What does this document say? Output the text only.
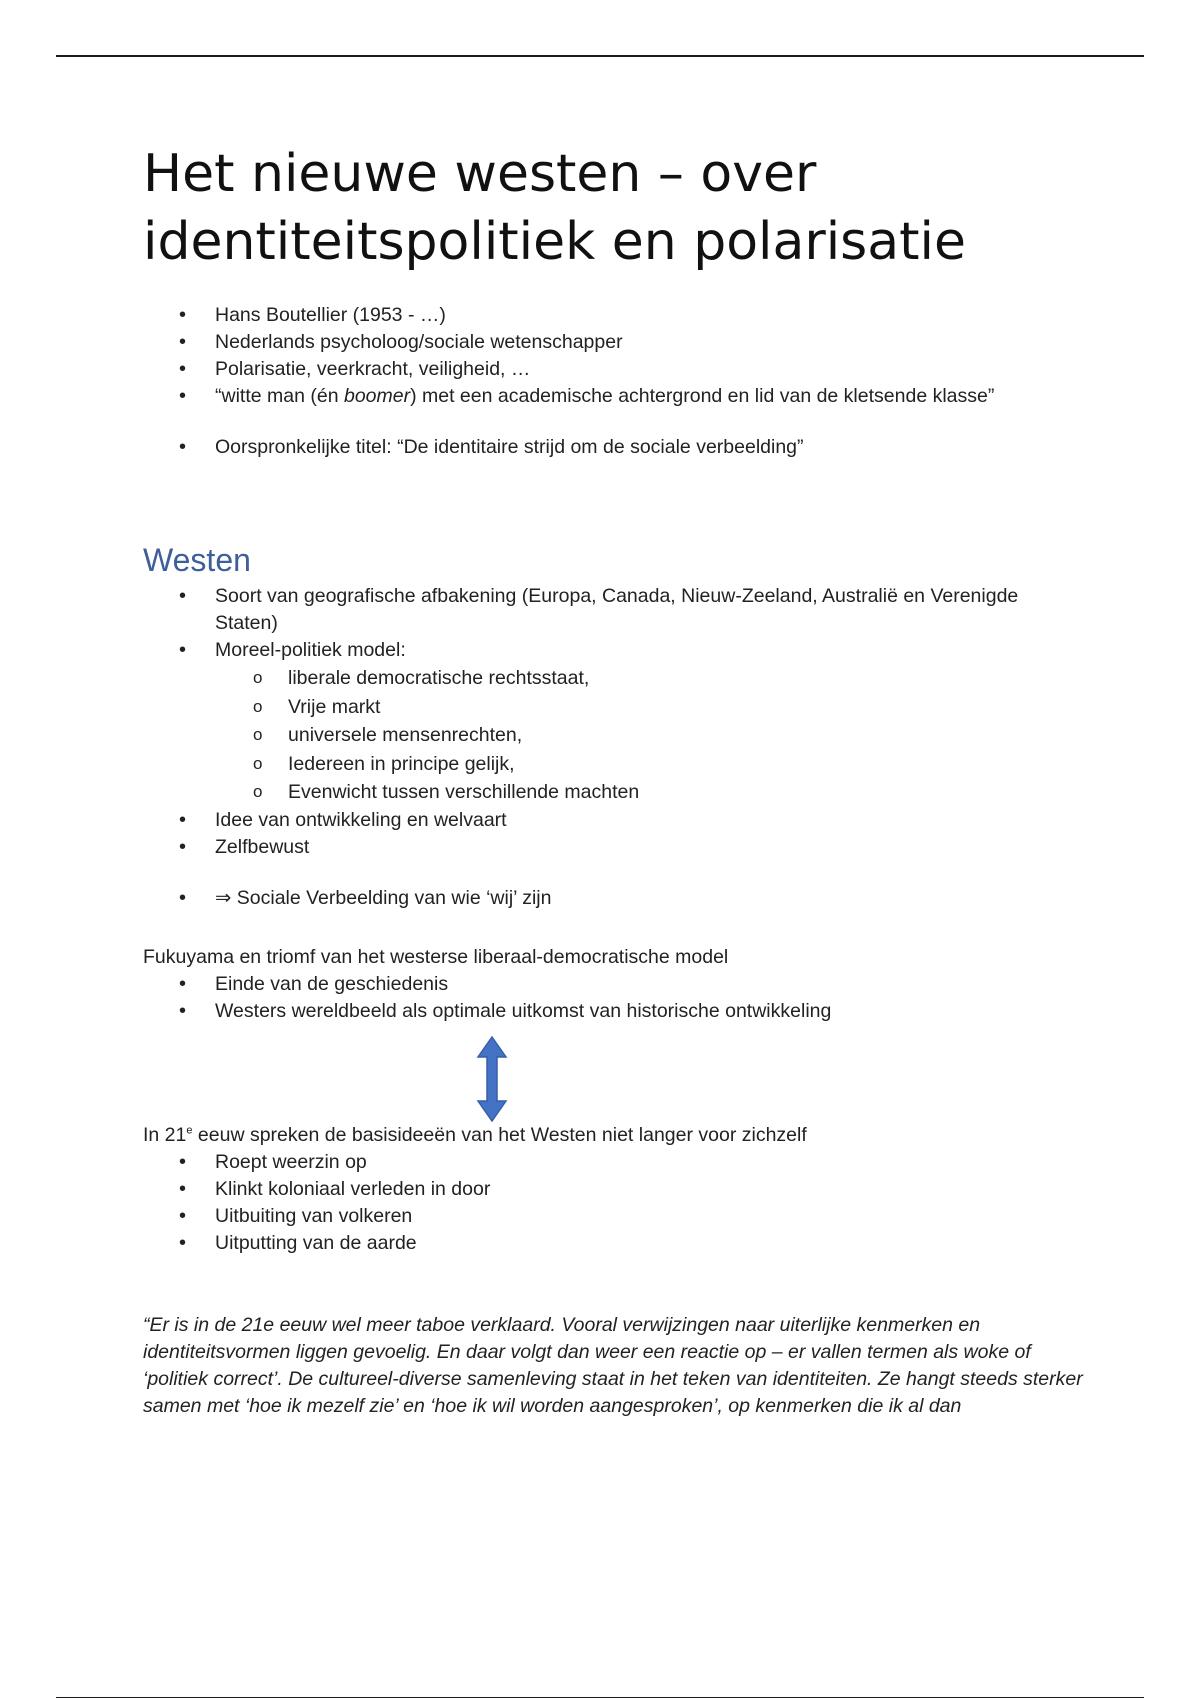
Het nieuwe westen – over identiteitspolitiek en polarisatie
• Hans Boutellier (1953 - …)
• Nederlands psycholoog/sociale wetenschapper
• Polarisatie, veerkracht, veiligheid, …
• “witte man (én boomer) met een academische achtergrond en lid van de kletsende klasse”
• Oorspronkelijke titel: “De identitaire strijd om de sociale verbeelding”
Westen
• Soort van geografische afbakening (Europa, Canada, Nieuw-Zeeland, Australië en Verenigde Staten)
• Moreel-politiek model:
o liberale democratische rechtsstaat,
o Vrije markt
o universele mensenrechten,
o Iedereen in principe gelijk,
o Evenwicht tussen verschillende machten
• Idee van ontwikkeling en welvaart
• Zelfbewust
• ⇒ Sociale Verbeelding van wie ‘wij’ zijn
Fukuyama en triomf van het westerse liberaal-democratische model
• Einde van de geschiedenis
• Westers wereldbeeld als optimale uitkomst van historische ontwikkeling
In 21e eeuw spreken de basisideeën van het Westen niet langer voor zichzelf
• Roept weerzin op
• Klinkt koloniaal verleden in door
• Uitbuiting van volkeren
• Uitputting van de aarde
“Er is in de 21e eeuw wel meer taboe verklaard. Vooral verwijzingen naar uiterlijke kenmerken en identiteitsvormen liggen gevoelig. En daar volgt dan weer een reactie op – er vallen termen als woke of ‘politiek correct’. De cultureel-diverse samenleving staat in het teken van identiteiten. Ze hangt steeds sterker samen met ‘hoe ik mezelf zie’ en ‘hoe ik wil worden aangesproken’, op kenmerken die ik al dan
